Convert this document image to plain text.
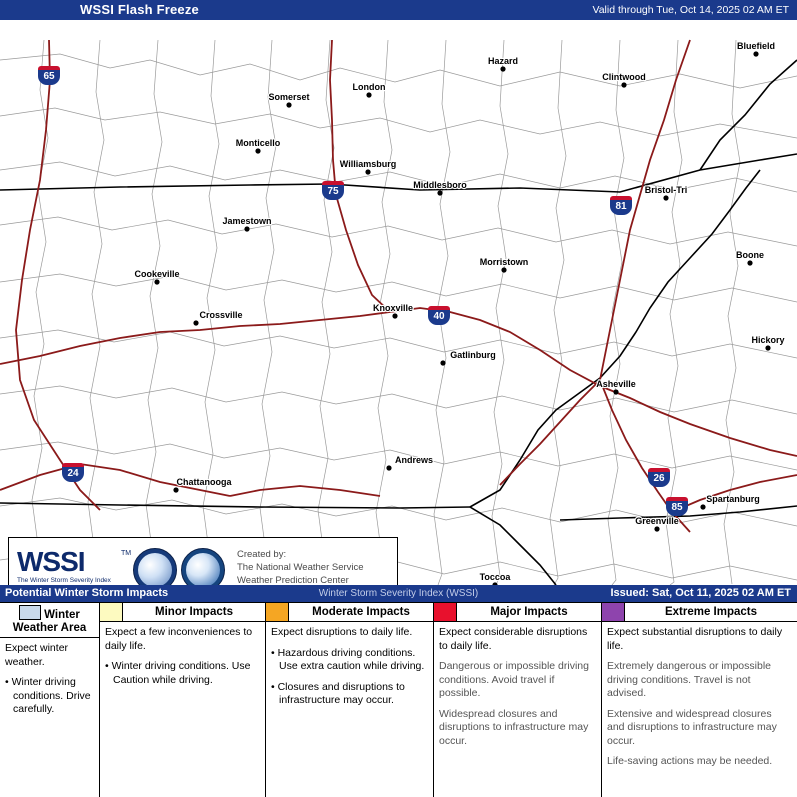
WSSI Flash Freeze	Valid through Tue, Oct 14, 2025 02 AM ET
Bluefield
Hazard
Clintwood
London
Somerset
Monticello
Williamsburg
Middlesboro	Bristol-Tri
Jamestown
Boone
Morristown
Cookeville
Knoxville
Crossville
Hickory
Gatlinburg
Asheville
Andrews
Chattanooga
Spartanburg
Greenville
Toccoa
65
75
81
40
24	26
85
WSSI	TM
The Winter Storm Severity Index
Created by:
The National Weather Service
Weather Prediction Center
Winter Storm Severity Index (WSSI)
Potential Winter Storm Impacts	Issued: Sat, Oct 11, 2025 02 AM ET
Winter Weather Area

Expect winter weather.

• Winter driving conditions. Drive carefully.

Minor Impacts

Expect a few inconveniences to daily life.

• Winter driving conditions. Use Caution while driving.

Moderate Impacts

Expect disruptions to daily life.

• Hazardous driving conditions. Use extra caution while driving.

• Closures and disruptions to infrastructure may occur.

Major Impacts

Expect considerable disruptions to daily life.

Dangerous or impossible driving conditions. Avoid travel if possible.

Widespread closures and disruptions to infrastructure may occur.

Extreme Impacts

Expect substantial disruptions to daily life.

Extremely dangerous or impossible driving conditions. Travel is not advised.

Extensive and widespread closures and disruptions to infrastructure may occur.

Life-saving actions may be needed.
